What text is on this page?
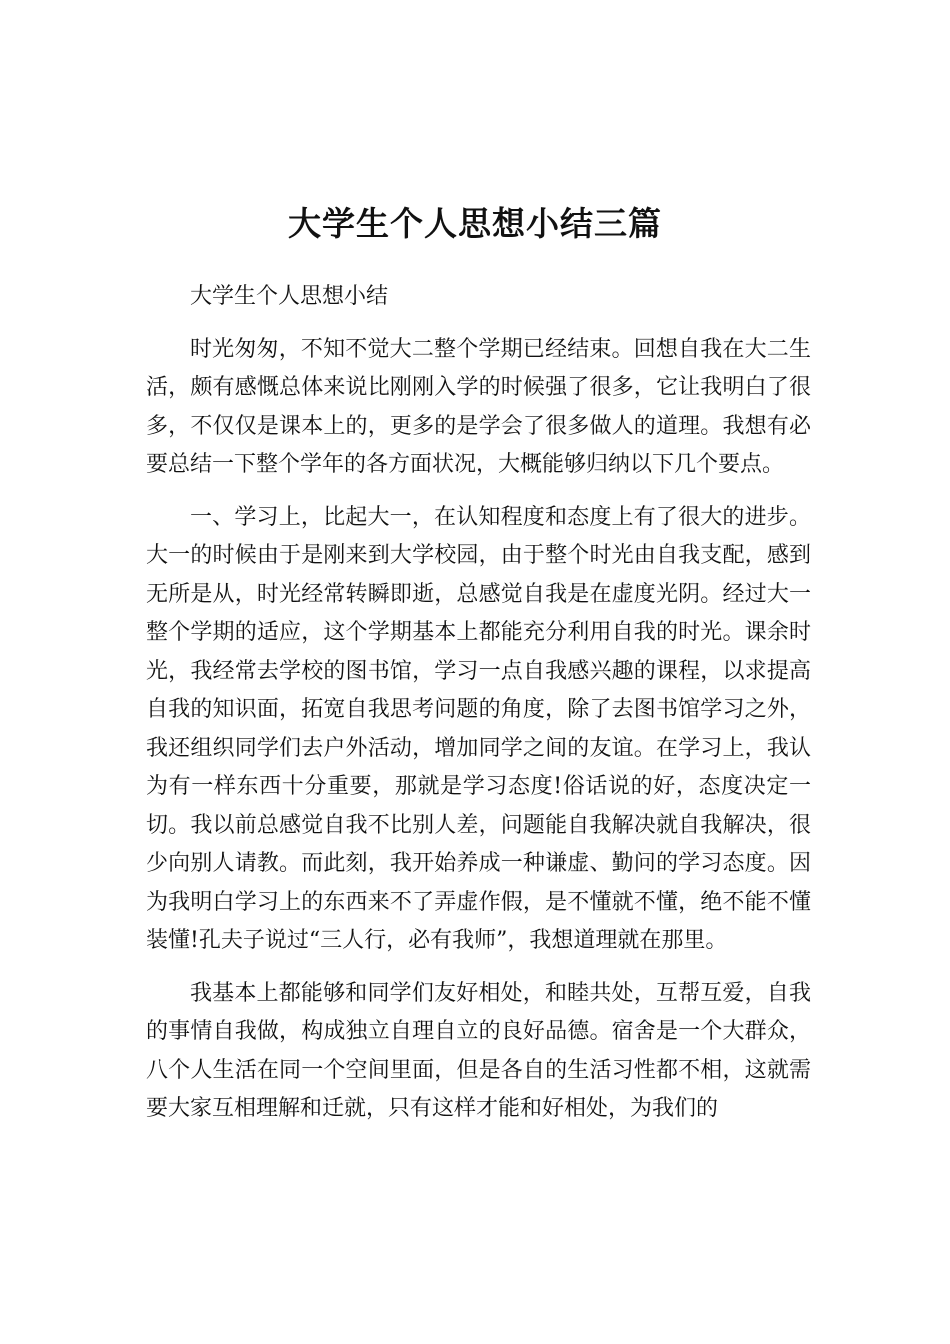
大学生个人思想小结三篇

大学生个人思想小结

时光匆匆，不知不觉大二整个学期已经结束。回想自我在大二生活，颇有感慨总体来说比刚刚入学的时候强了很多，它让我明白了很多，不仅仅是课本上的，更多的是学会了很多做人的道理。我想有必要总结一下整个学年的各方面状况，大概能够归纳以下几个要点。

一、学习上，比起大一，在认知程度和态度上有了很大的进步。大一的时候由于是刚来到大学校园，由于整个时光由自我支配，感到无所是从，时光经常转瞬即逝，总感觉自我是在虚度光阴。经过大一整个学期的适应，这个学期基本上都能充分利用自我的时光。课余时光，我经常去学校的图书馆，学习一点自我感兴趣的课程，以求提高自我的知识面，拓宽自我思考问题的角度，除了去图书馆学习之外，我还组织同学们去户外活动，增加同学之间的友谊。在学习上，我认为有一样东西十分重要，那就是学习态度!俗话说的好，态度决定一切。我以前总感觉自我不比别人差，问题能自我解决就自我解决，很少向别人请教。而此刻，我开始养成一种谦虚、勤问的学习态度。因为我明白学习上的东西来不了弄虚作假，是不懂就不懂，绝不能不懂装懂!孔夫子说过“三人行，必有我师”，我想道理就在那里。

我基本上都能够和同学们友好相处，和睦共处，互帮互爱，自我的事情自我做，构成独立自理自立的良好品德。宿舍是一个大群众，八个人生活在同一个空间里面，但是各自的生活习性都不相，这就需要大家互相理解和迁就，只有这样才能和好相处，为我们的
